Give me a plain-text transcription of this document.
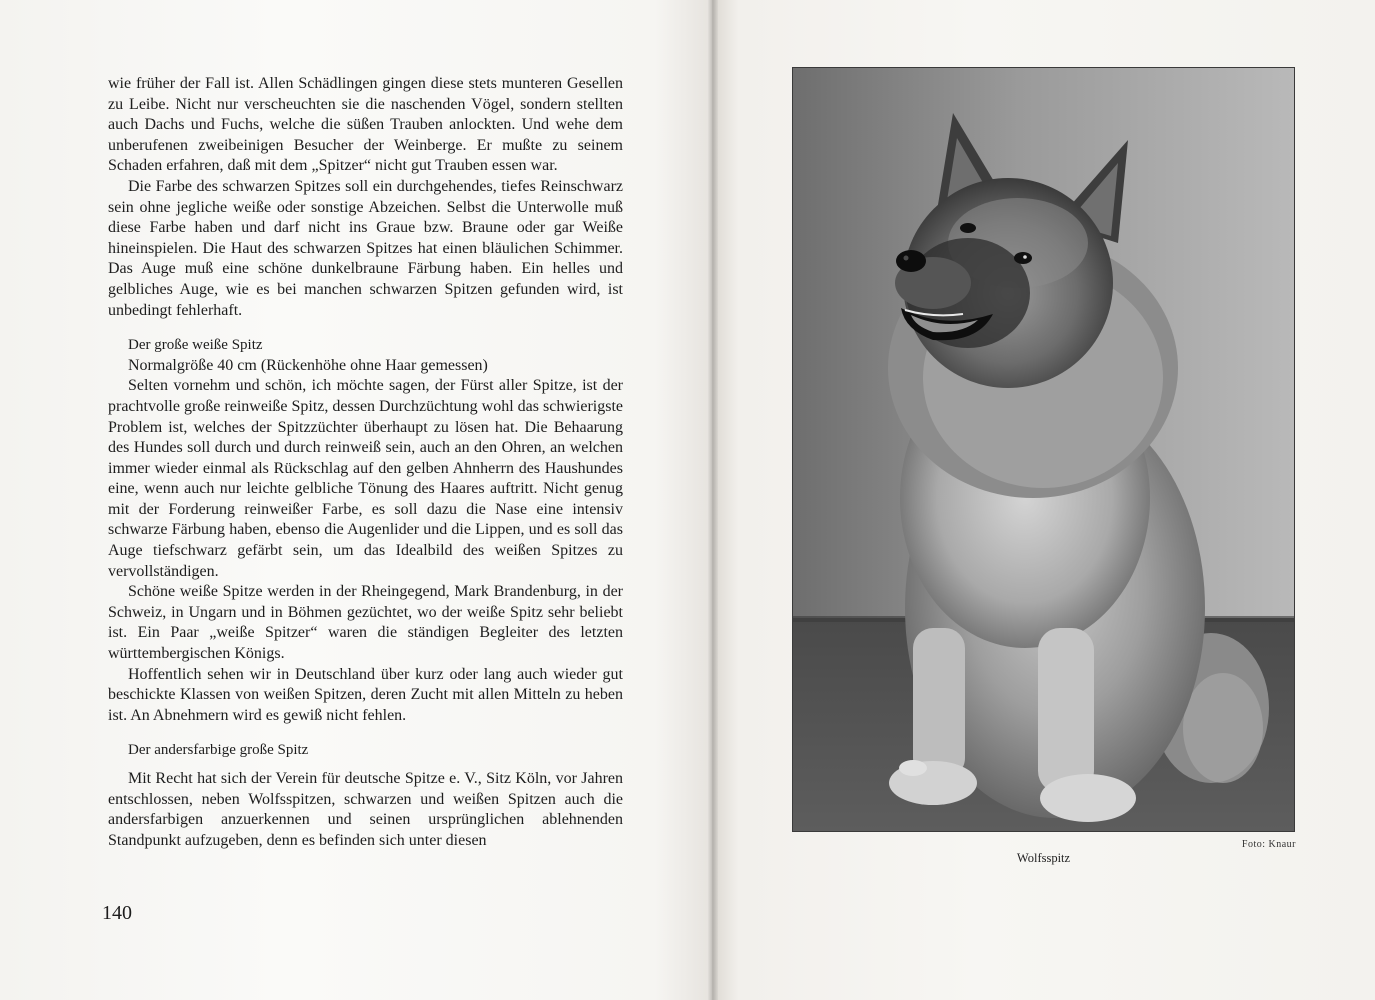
wie früher der Fall ist. Allen Schädlingen gingen diese stets munteren Gesellen zu Leibe. Nicht nur verscheuchten sie die naschenden Vögel, sondern stellten auch Dachs und Fuchs, welche die süßen Trauben anlockten. Und wehe dem unberufenen zweibeinigen Besucher der Weinberge. Er mußte zu seinem Schaden erfahren, daß mit dem „Spitzer“ nicht gut Trauben essen war.

Die Farbe des schwarzen Spitzes soll ein durchgehendes, tiefes Reinschwarz sein ohne jegliche weiße oder sonstige Abzeichen. Selbst die Unterwolle muß diese Farbe haben und darf nicht ins Graue bzw. Braune oder gar Weiße hineinspielen. Die Haut des schwarzen Spitzes hat einen bläulichen Schimmer. Das Auge muß eine schöne dunkelbraune Färbung haben. Ein helles und gelbliches Auge, wie es bei manchen schwarzen Spitzen gefunden wird, ist unbedingt fehlerhaft.

Der große weiße Spitz

Normalgröße 40 cm (Rückenhöhe ohne Haar gemessen)

Selten vornehm und schön, ich möchte sagen, der Fürst aller Spitze, ist der prachtvolle große reinweiße Spitz, dessen Durchzüchtung wohl das schwierigste Problem ist, welches der Spitzzüchter überhaupt zu lösen hat. Die Behaarung des Hundes soll durch und durch reinweiß sein, auch an den Ohren, an welchen immer wieder einmal als Rückschlag auf den gelben Ahnherrn des Haushundes eine, wenn auch nur leichte gelbliche Tönung des Haares auftritt. Nicht genug mit der Forderung reinweißer Farbe, es soll dazu die Nase eine intensiv schwarze Färbung haben, ebenso die Augenlider und die Lippen, und es soll das Auge tiefschwarz gefärbt sein, um das Idealbild des weißen Spitzes zu vervollständigen.

Schöne weiße Spitze werden in der Rheingegend, Mark Brandenburg, in der Schweiz, in Ungarn und in Böhmen gezüchtet, wo der weiße Spitz sehr beliebt ist. Ein Paar „weiße Spitzer“ waren die ständigen Begleiter des letzten württembergischen Königs.

Hoffentlich sehen wir in Deutschland über kurz oder lang auch wieder gut beschickte Klassen von weißen Spitzen, deren Zucht mit allen Mitteln zu heben ist. An Abnehmern wird es gewiß nicht fehlen.

Der andersfarbige große Spitz

Mit Recht hat sich der Verein für deutsche Spitze e. V., Sitz Köln, vor Jahren entschlossen, neben Wolfsspitzen, schwarzen und weißen Spitzen auch die andersfarbigen anzuerkennen und seinen ursprünglichen ablehnenden Standpunkt aufzugeben, denn es befinden sich unter diesen

140
Foto: Knaur
Wolfsspitz
